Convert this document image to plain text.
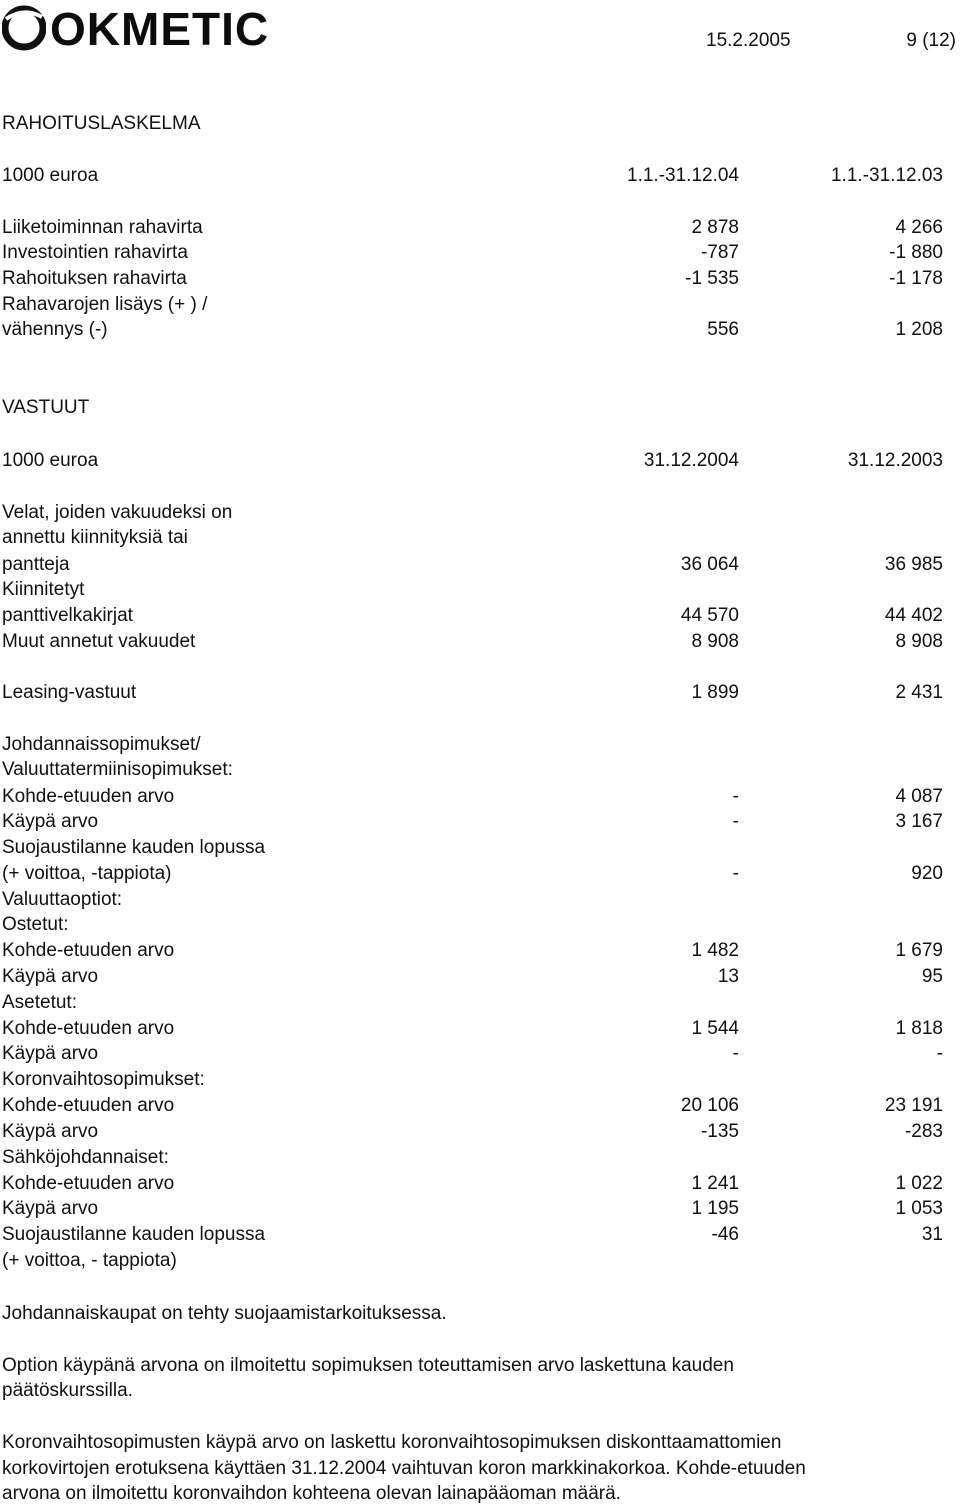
OKMETIC	15.2.2005	9 (12)
RAHOITUSLASKELMA
1000 euroa	1.1.-31.12.04	1.1.-31.12.03
Liiketoiminnan rahavirta	2 878	4 266
Investointien rahavirta	-787	-1 880
Rahoituksen rahavirta	-1 535	-1 178
Rahavarojen lisäys (+ ) /
vähennys (-)	556	1 208
VASTUUT
1000 euroa	31.12.2004	31.12.2003
Velat, joiden vakuudeksi on
annettu kiinnityksiä tai
pantteja	36 064	36 985
Kiinnitetyt
panttivelkakirjat	44 570	44 402
Muut annetut vakuudet	8 908	8 908
Leasing-vastuut	1 899	2 431
Johdannaissopimukset/
Valuuttatermiinisopimukset:
Kohde-etuuden arvo	-	4 087
Käypä arvo	-	3 167
Suojaustilanne kauden lopussa
(+ voittoa, -tappiota)	-	920
Valuuttaoptiot:
Ostetut:
Kohde-etuuden arvo	1 482	1 679
Käypä arvo	13	95
Asetetut:
Kohde-etuuden arvo	1 544	1 818
Käypä arvo	-	-
Koronvaihtosopimukset:
Kohde-etuuden arvo	20 106	23 191
Käypä arvo	-135	-283
Sähköjohdannaiset:
Kohde-etuuden arvo	1 241	1 022
Käypä arvo	1 195	1 053
Suojaustilanne kauden lopussa	-46	31
(+ voittoa, - tappiota)
Johdannaiskaupat on tehty suojaamistarkoituksessa.
Option käypänä arvona on ilmoitettu sopimuksen toteuttamisen arvo laskettuna kauden
päätöskurssilla.
Koronvaihtosopimusten käypä arvo on laskettu koronvaihtosopimuksen diskonttaamattomien
korkovirtojen erotuksena käyttäen 31.12.2004 vaihtuvan koron markkinakorkoa. Kohde-etuuden
arvona on ilmoitettu koronvaihdon kohteena olevan lainapääoman määrä.
